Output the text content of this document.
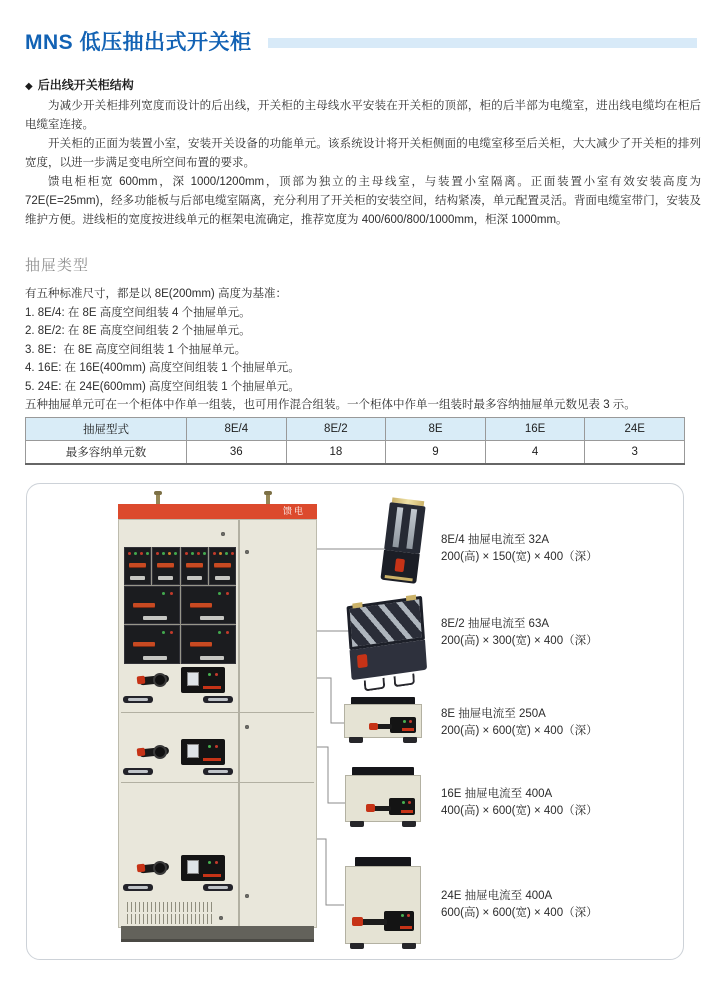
MNS 低压抽出式开关柜
◆ 后出线开关柜结构

为减少开关柜排列宽度而设计的后出线，开关柜的主母线水平安装在开关柜的顶部，柜的后半部为电缆室，进出线电缆均在柜后电缆室连接。

开关柜的正面为装置小室，安装开关设备的功能单元。该系统设计将开关柜侧面的电缆室移至后关柜，大大减少了开关柜的排列宽度，以进一步满足变电所空间布置的要求。

馈电柜柜宽 600mm，深 1000/1200mm，顶部为独立的主母线室，与装置小室隔离。正面装置小室有效安装高度为 72E(E=25mm)，经多功能板与后部电缆室隔离，充分利用了开关柜的安装空间，结构紧凑，单元配置灵活。背面电缆室带门，安装及维护方便。进线柜的宽度按进线单元的框架电流确定，推荐宽度为 400/600/800/1000mm，柜深 1000mm。

抽屉类型
有五种标准尺寸，都是以 8E(200mm) 高度为基准：
1. 8E/4: 在 8E 高度空间组装 4 个抽屉单元。
2. 8E/2: 在 8E 高度空间组装 2 个抽屉单元。
3. 8E：在 8E 高度空间组装 1 个抽屉单元。
4. 16E: 在 16E(400mm) 高度空间组装 1 个抽屉单元。
5. 24E: 在 24E(600mm) 高度空间组装 1 个抽屉单元。
五种抽屉单元可在一个柜体中作单一组装，也可用作混合组装。一个柜体中作单一组装时最多容纳抽屉单元数见表 3 示。
抽屉型式	8E/4	8E/2	8E	16E	24E
最多容纳单元数	36	18	9	4	3
馈电
8E/4 抽屉电流至 32A
200(高) × 150(宽) × 400（深）
8E/2 抽屉电流至 63A
200(高) × 300(宽) × 400（深）
8E 抽屉电流至 250A
200(高) × 600(宽) × 400（深）
16E 抽屉电流至 400A
400(高) × 600(宽) × 400（深）
24E 抽屉电流至 400A
600(高) × 600(宽) × 400（深）
